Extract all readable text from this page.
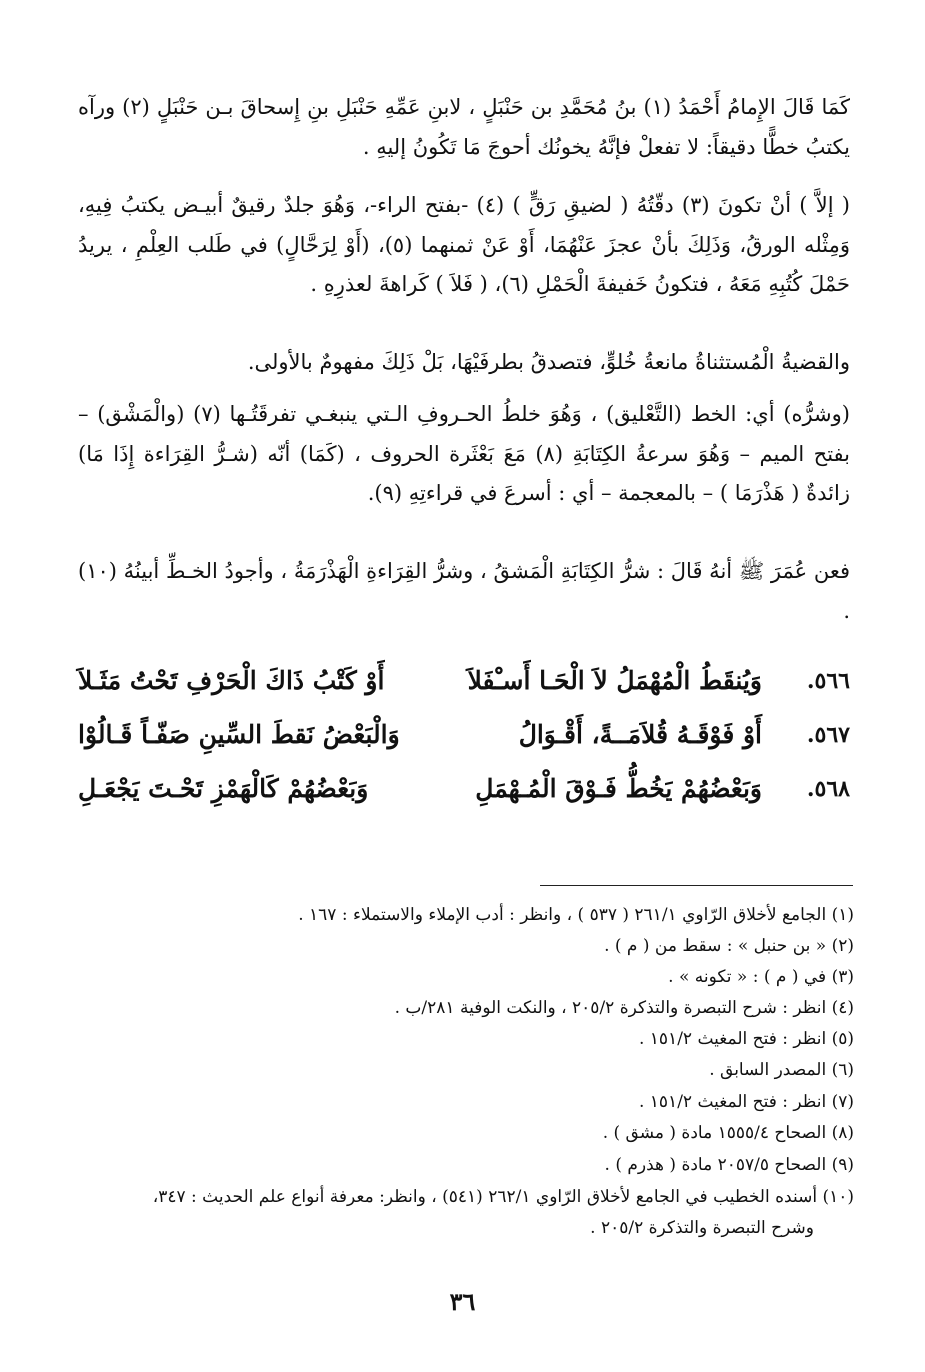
كَمَا قَالَ الإِمامُ أَحْمَدُ (١) بنُ مُحَمَّدِ بن حَنْبَلٍ ، لابنِ عَمِّهِ حَنْبَلِ بنِ إِسحاقَ بـن حَنْبَلٍ (٢) ورآه يكتبُ خطًّا دقيقاً: لا تفعلْ فإنَّهُ يخونُك أحوجَ مَا تَكُونُ إليهِ .
( إلاَّ ) أنْ تكونَ (٣) دقّتُهُ ( لضيقِ رَقٍّ ) (٤) -بفتح الراء-، وَهُوَ جلدٌ رقيقٌ أبيـض يكتبُ فِيهِ، وَمِثْله الورقُ، وَذَلِكَ بأنْ عجزَ عَنْهُمَا، أَوْ عَنْ ثمنهما (٥)، (أَوْ لِرَحَّالٍ) في طَلب العِلْمِ ، يريدُ حَمْلَ كُتُبِهِ مَعَهُ ، فتكونُ خَفيفةَ الْحَمْلِ (٦)، ( فَلاَ ) كَراهةَ لعذرِهِ .
والقضيةُ الْمُستثناةُ مانعةُ خُلوٍّ، فتصدقُ بطرفَيْهَا، بَلْ ذَلِكَ مفهومٌ بالأولى.
(وشرُّه) أي: الخط (التَّعْليق) ، وَهُوَ خلطُ الحـروفِ الـتي ينبغـي تفرقَتُـها (٧) (والْمَشْق) – بفتح الميم – وَهُوَ سرعةُ الكِتَابَةِ (٨) مَعَ بَعْثَرة الحروف ، (كَمَا) أنّه (شـرُّ القِرَاءة إِذَا مَا) زائدةٌ ( هَذْرَمَا ) – بالمعجمة – أي : أسرعَ في قراءتِهِ (٩).
فعن عُمَرَ ﷺ أنهُ قَالَ : شرُّ الكِتَابَةِ الْمَشقُ ، وشرُّ القِرَاءةِ الْهَذْرَمَةُ ، وأجودُ الخـطِّ أبينُهُ (١٠) .
٥٦٦.
وَيُنقَطُ الْمُهْمَلُ لاَ الْحَـا أَسـْفَلاَ
أَوْ كَتْبُ ذَاكَ الْحَرْفِ تَحْتُ مَثَـلاَ
٥٦٧.
أَوْ فَوْقَـهُ قُلاَمَــةً، أَقْـوَالُ
وَالْبَعْضُ نَقطَ السِّينِ صَفّـاً قَـالُوْا
٥٦٨.
وَبَعْضُهُمْ يَخُطُّ فَـوْقَ الْمُـهْمَلِ
وَبَعْضُهُمْ كَالْهَمْزِ تَحْـتَ يَجْعَـلِ
(١) الجامع لأخلاق الرّاوي ٢٦١/١ ( ٥٣٧ ) ، وانظر : أدب الإملاء والاستملاء : ١٦٧ .
(٢) « بن حنبل » : سقط من ( م ) .
(٣) في ( م ) : « تكونه » .
(٤) انظر : شرح التبصرة والتذكرة ٢٠٥/٢ ، والنكت الوفية ٢٨١/ب .
(٥) انظر : فتح المغيث ١٥١/٢ .
(٦) المصدر السابق .
(٧) انظر : فتح المغيث ١٥١/٢ .
(٨) الصحاح ١٥٥٥/٤ مادة ( مشق ) .
(٩) الصحاح ٢٠٥٧/٥ مادة ( هذرم ) .
(١٠) أسنده الخطيب في الجامع لأخلاق الرّاوي ٢٦٢/١ (٥٤١) ، وانظر: معرفة أنواع علم الحديث : ٣٤٧،
وشرح التبصرة والتذكرة ٢٠٥/٢ .
٣٦
